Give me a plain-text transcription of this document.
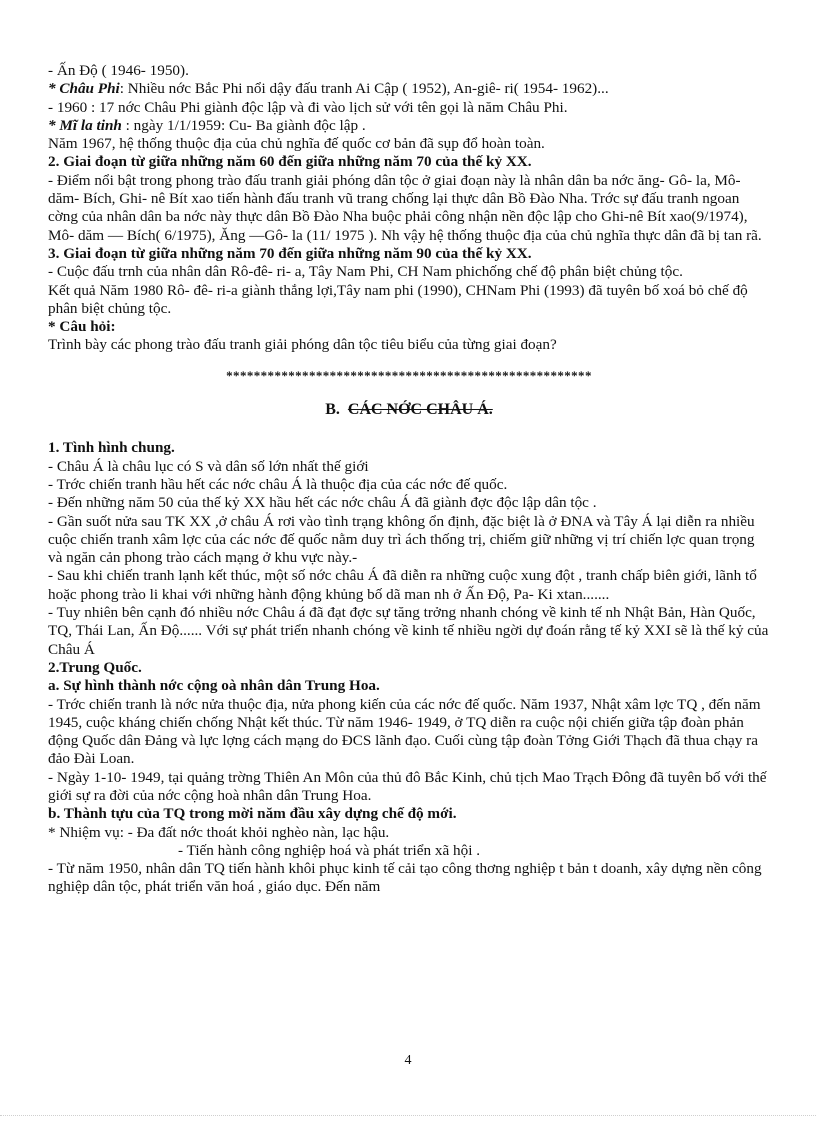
- Ấn Độ ( 1946- 1950).

* Châu Phi: Nhiều nớc Bắc Phi nổi dậy đấu tranh Ai Cập ( 1952), An-giê- ri( 1954- 1962)...

- 1960 : 17 nớc Châu Phi giành độc lập và đi vào lịch sử với tên gọi là năm Châu Phi.

* Mĩ la tinh : ngày 1/1/1959: Cu- Ba giành độc lập .

Năm 1967, hệ thống thuộc địa của chủ nghĩa đế quốc cơ bản đã sụp đổ hoàn toàn.

2. Giai đoạn từ giữa những năm 60 đến giữa những năm 70 của thế kỷ XX.

- Điểm nổi bật trong phong trào đấu tranh giải phóng dân tộc ở giai đoạn này là nhân dân ba nớc ăng- Gô- la, Mô- dăm- Bích, Ghi- nê Bít xao tiến hành đấu tranh vũ trang chống lại thực dân Bồ Đào Nha. Trớc sự đấu tranh ngoan cờng của nhân dân ba nớc này thực dân Bồ Đào Nha buộc phải công nhận nền độc lập cho Ghi-nê Bít xao(9/1974), Mô- dăm — Bích( 6/1975), Ăng —Gô- la (11/ 1975 ). Nh vậy hệ thống thuộc địa của chủ nghĩa thực dân đã bị tan rã.

3. Giai đoạn từ giữa những năm 70 đến giữa những năm 90 của thế kỷ XX.

- Cuộc đấu trnh của nhân dân Rô-đê- ri- a, Tây Nam Phi, CH Nam phichống chế độ phân biệt chủng tộc.

Kết quả Năm 1980 Rô- đê- ri-a giành thắng lợi,Tây nam phi (1990), CHNam Phi (1993) đã tuyên bố xoá bỏ chế độ phân biệt chủng tộc.

* Câu hỏi:

Trình bày các phong trào đấu tranh giải phóng dân tộc tiêu biểu của từng giai đoạn?

*****************************************************
B. CÁC NỚC CHÂU Á.

1. Tình hình chung.

- Châu Á là châu lục có S và dân số lớn nhất thế giới

- Trớc chiến tranh hầu hết các nớc châu Á là thuộc địa của các nớc đế quốc.

- Đến những năm 50 của thế kỷ XX hầu hết các nớc châu Á đã giành đợc độc lập dân tộc .

- Gần suốt nửa sau TK XX ,ở châu Á rơi vào tình trạng không ổn định, đặc biệt là ở ĐNA và Tây Á lại diễn ra nhiều cuộc chiến tranh xâm lợc của các nớc đế quốc nằm duy trì ách thống trị, chiếm giữ những vị trí chiến lợc quan trọng và ngăn cản phong trào cách mạng ở khu vực này.-

- Sau khi chiến tranh lạnh kết thúc, một số nớc châu Á đã diễn ra những cuộc xung đột , tranh chấp biên giới, lãnh tổ hoặc phong trào li khai với những hành động khủng bố dã man nh ở Ấn Độ, Pa- Ki xtan.......

- Tuy nhiên bên cạnh đó nhiều nớc Châu á đã đạt đợc sự tăng trởng nhanh chóng về kinh tế nh Nhật Bản, Hàn Quốc, TQ, Thái Lan, Ấn Độ...... Với sự phát triển nhanh chóng về kinh tế nhiều ngời dự đoán rằng tế kỷ XXI sẽ là thế kỷ của Châu Á

2.Trung Quốc.

a. Sự hình thành nớc cộng oà nhân dân Trung Hoa.

- Trớc chiến tranh là nớc nửa thuộc địa, nửa phong kiến của các nớc đế quốc. Năm 1937, Nhật xâm lợc TQ , đến năm 1945, cuộc kháng chiến chống Nhật kết thúc. Từ năm 1946- 1949, ở TQ diễn ra cuộc nội chiến giữa tập đoàn phản động Quốc dân Đảng và lực lợng cách mạng do ĐCS lãnh đạo. Cuối cùng tập đoàn Tởng Giới Thạch đã thua chạy ra đảo Đài Loan.

- Ngày 1-10- 1949, tại quảng trờng Thiên An Môn của thủ đô Bắc Kinh, chủ tịch Mao Trạch Đông đã tuyên bố với thế giới sự ra đời của nớc cộng hoà nhân dân Trung Hoa.

b. Thành tựu của TQ trong mời năm đầu xây dựng chế độ mới.

* Nhiệm vụ: - Đa đất nớc thoát khỏi nghèo nàn, lạc hậu.

- Tiến hành công nghiệp hoá và phát triển xã hội .

- Từ năm 1950, nhân dân TQ tiến hành khôi phục kinh tế cải tạo công thơng nghiệp t bản t doanh, xây dựng nền công nghiệp dân tộc, phát triển văn hoá , giáo dục. Đến năm

4
